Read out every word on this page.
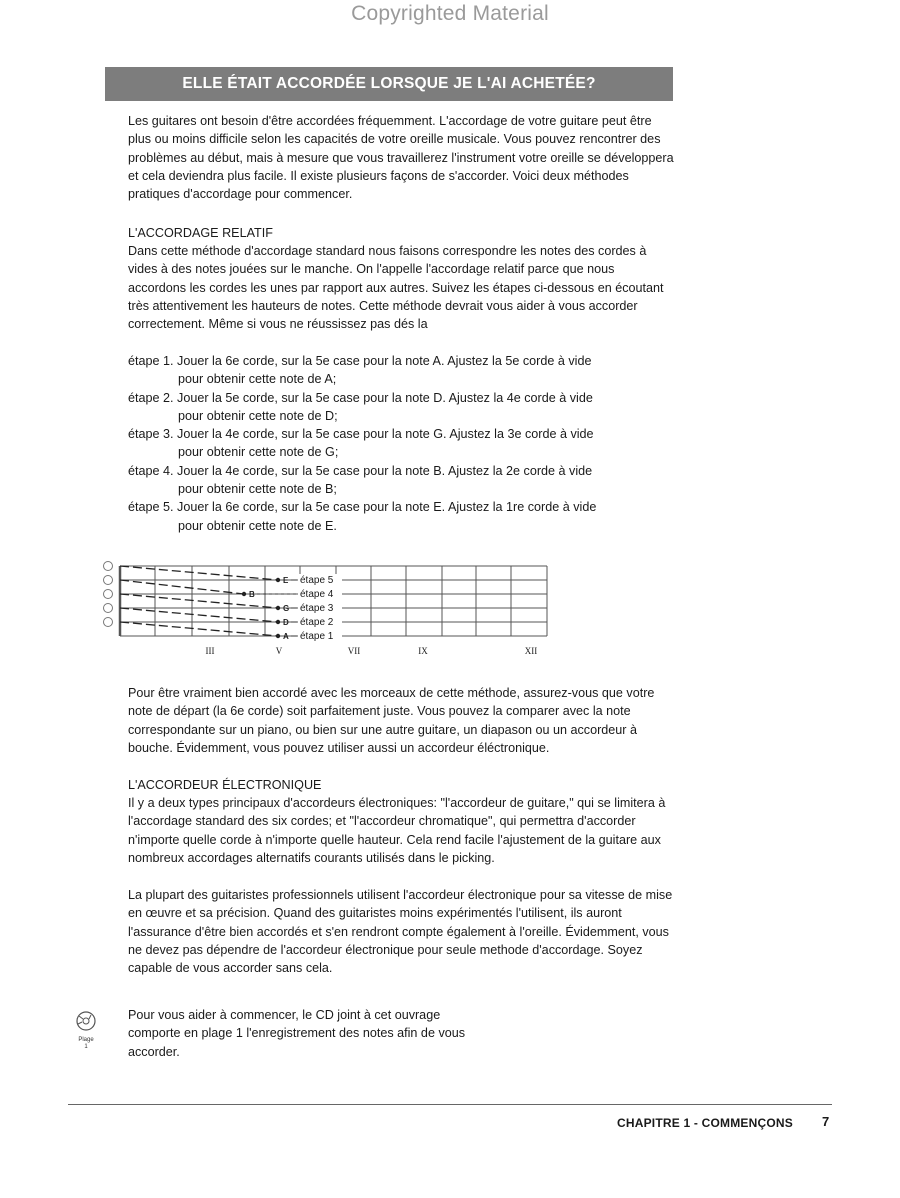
Copyrighted Material
ELLE ÉTAIT ACCORDÉE LORSQUE JE L'AI ACHETÉE?

Les guitares ont besoin d'être accordées fréquemment. L'accordage de votre guitare peut être plus ou moins difficile selon les capacités de votre oreille musicale. Vous pouvez rencontrer des problèmes au début, mais à mesure que vous travaillerez l'instrument votre oreille se développera et cela deviendra plus facile. Il existe plusieurs façons de s'accorder. Voici deux méthodes pratiques d'accordage pour commencer.

L'ACCORDAGE RELATIF

Dans cette méthode d'accordage standard nous faisons correspondre les notes des cordes à vides à des notes jouées sur le manche. On l'appelle l'accordage relatif parce que nous accordons les cordes les unes par rapport aux autres. Suivez les étapes ci-dessous en écoutant très attentivement les hauteurs de notes. Cette méthode devrait vous aider à vous accorder correctement. Même si vous ne réussissez pas dés la

étape 1. Jouer la 6e corde, sur la 5e case pour la note A. Ajustez la 5e corde à vide
pour obtenir cette note de A;
étape 2. Jouer la 5e corde, sur la 5e case pour la note D. Ajustez la 4e corde à vide
pour obtenir cette note de D;
étape 3. Jouer la 4e corde, sur la 5e case pour la note G. Ajustez la 3e corde à vide
pour obtenir cette note de G;
étape 4. Jouer la 4e corde, sur la 5e case pour la note B. Ajustez la 2e corde à vide
pour obtenir cette note de B;
étape 5. Jouer la 6e corde, sur la 5e case pour la note E. Ajustez la 1re corde à vide
pour obtenir cette note de E.
E
B
G
D
A
étape 5
étape 4
étape 3
étape 2
étape 1
III	V	VII	IX	XII

Pour être vraiment bien accordé avec les morceaux de cette méthode, assurez-vous que votre note de départ (la 6e corde) soit parfaitement juste. Vous pouvez la comparer avec la note correspondante sur un piano, ou bien sur une autre guitare, un diapason ou un accordeur à bouche. Évidemment, vous pouvez utiliser aussi un accordeur éléctronique.

L'ACCORDEUR ÉLECTRONIQUE

Il y a deux types principaux d'accordeurs électroniques: "l'accordeur de guitare," qui se limitera à l'accordage standard des six cordes; et "l'accordeur chromatique", qui permettra d'accorder n'importe quelle corde à n'importe quelle hauteur. Cela rend facile l'ajustement de la guitare aux nombreux accordages alternatifs courants utilisés dans le picking.

La plupart des guitaristes professionnels utilisent l'accordeur électronique pour sa vitesse de mise en œuvre et sa précision. Quand des guitaristes moins expérimentés l'utilisent, ils auront l'assurance d'être bien accordés et s'en rendront compte également à l'oreille. Évidemment, vous ne devez pas dépendre de l'accordeur électronique pour seule methode d'accordage. Soyez capable de vous accorder sans cela.

Plage
1

Pour vous aider à commencer, le CD joint à cet ouvrage comporte en plage 1 l'enregistrement des notes afin de vous accorder.

CHAPITRE 1 - COMMENÇONS 7
